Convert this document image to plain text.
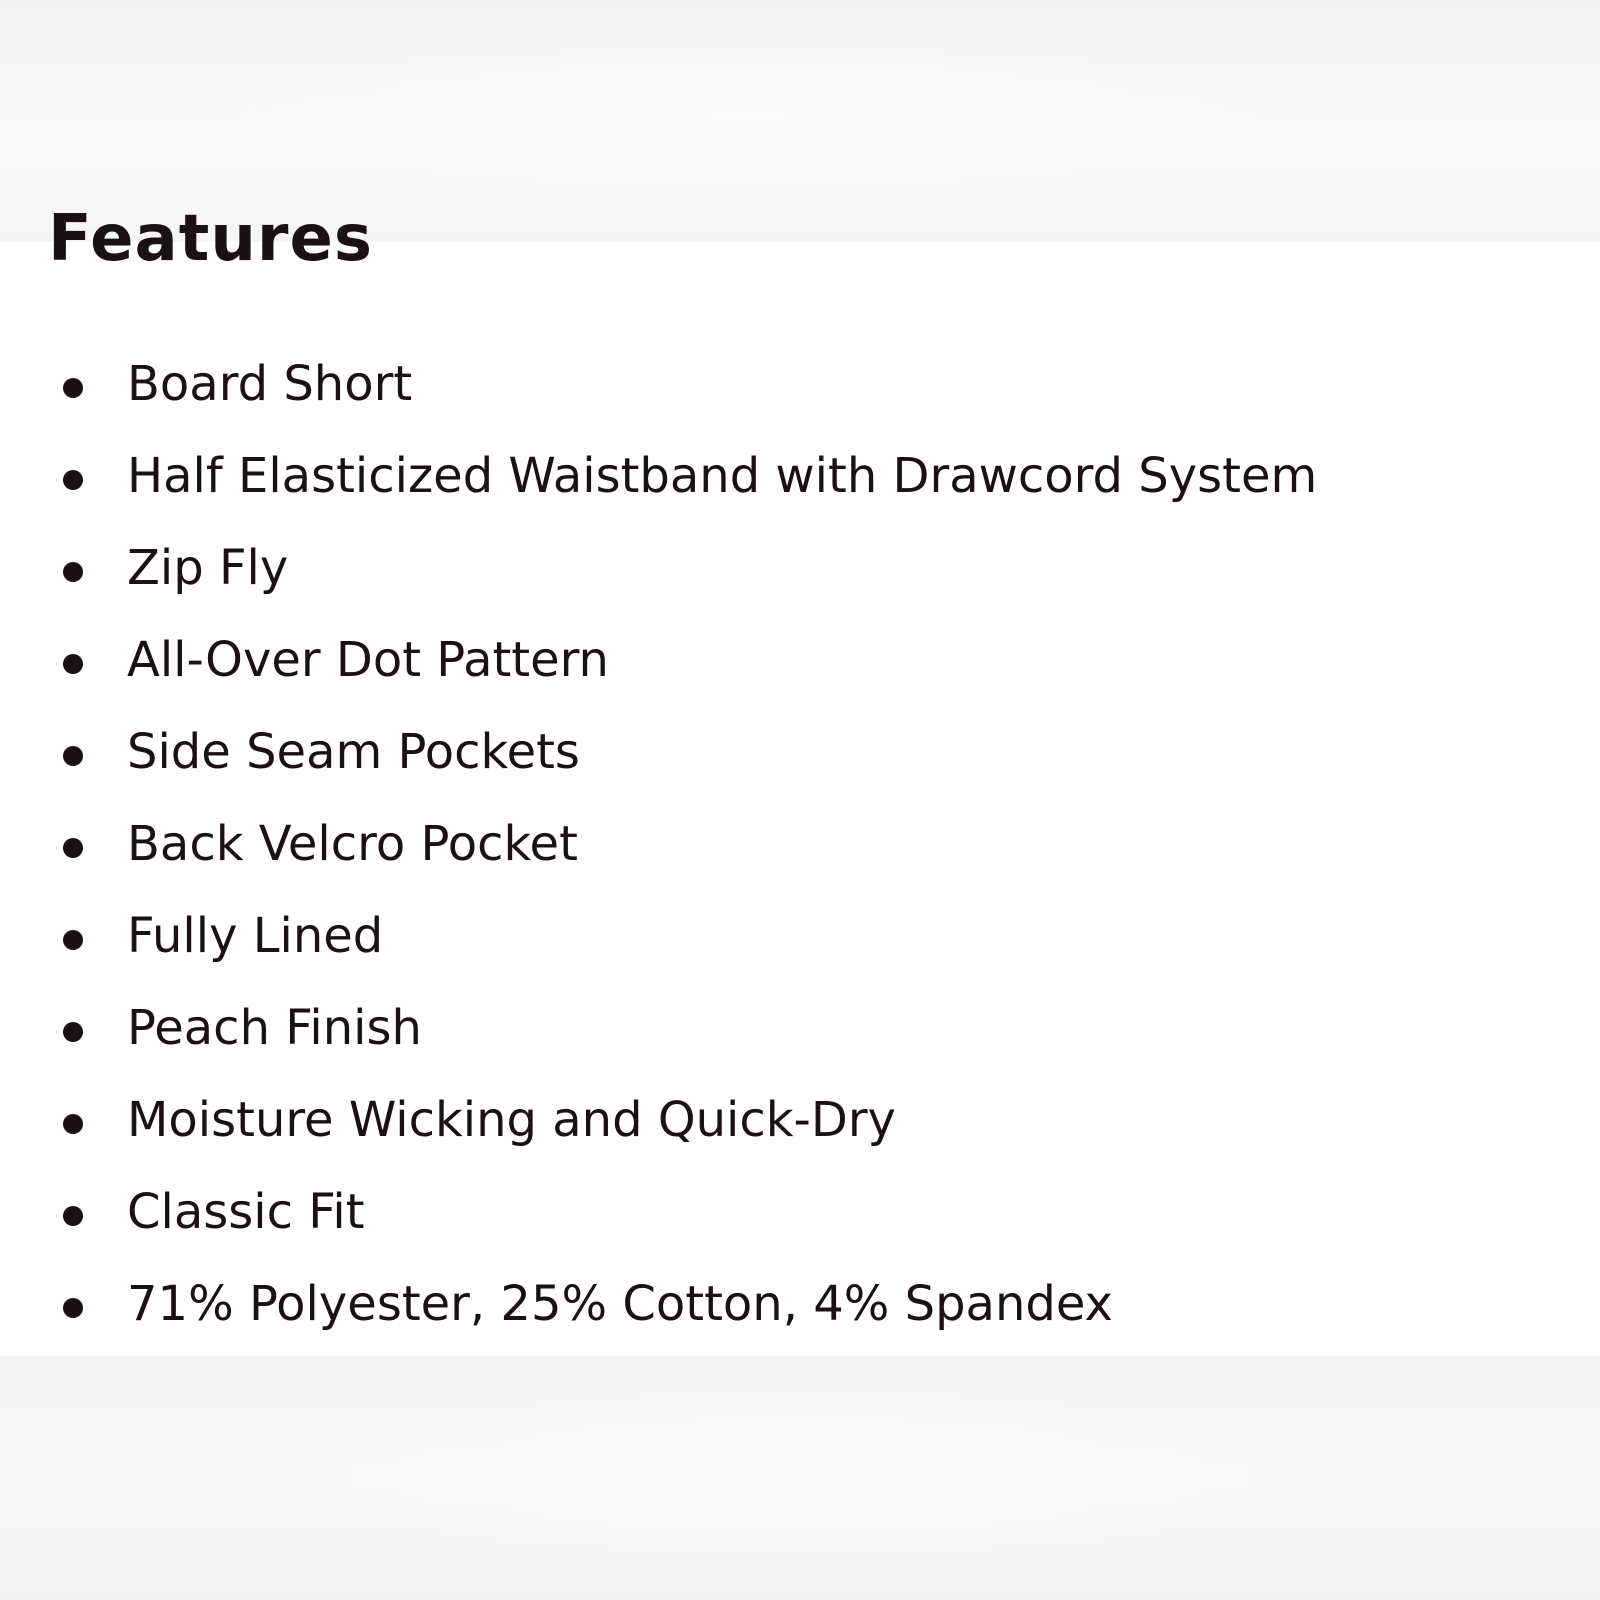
Features
Board Short
Half Elasticized Waistband with Drawcord System
Zip Fly
All-Over Dot Pattern
Side Seam Pockets
Back Velcro Pocket
Fully Lined
Peach Finish
Moisture Wicking and Quick-Dry
Classic Fit
71% Polyester, 25% Cotton, 4% Spandex
